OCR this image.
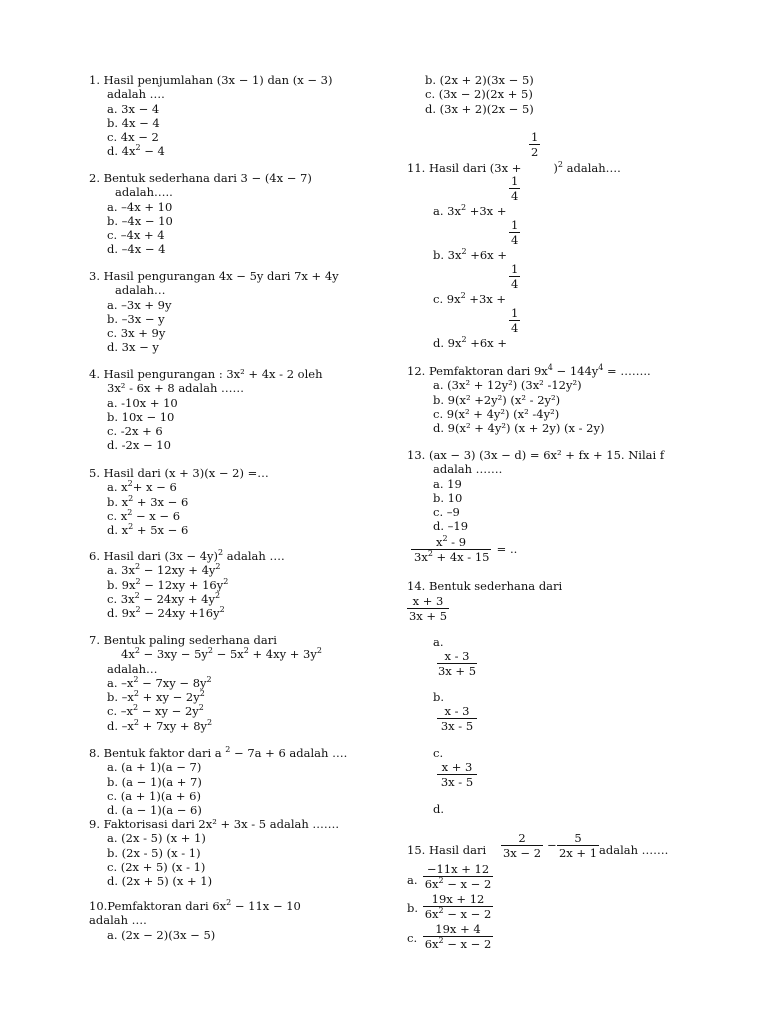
1. Hasil penjumlahan (3x − 1) dan (x − 3)
adalah ….
a. 3x − 4
b. 4x − 4
c. 4x − 2
d. $4x^2 - 4$
2. Bentuk sederhana dari 3 − (4x − 7)
adalah…..
a. –4x + 10
b. –4x − 10
c. –4x + 4
d. –4x − 4
3. Hasil pengurangan 4x − 5y dari 7x + 4y
adalah…
a. –3x + 9y
b. –3x − y
c. 3x + 9y
d. 3x − y
4. Hasil pengurangan : 3x² + 4x - 2 oleh
3x² - 6x + 8 adalah ……
a. -10x + 10
b. 10x − 10
c. -2x + 6
d. -2x − 10
5. Hasil dari (x + 3)(x − 2) =…
a. $x^2+ x - 6$
b. $x^2 + 3x - 6$
c. $x^2 - x - 6$
d. $x^2 + 5x - 6$
6. Hasil dari $(3x - 4y)^2$ adalah ….
a. $3x^2 - 12xy + 4y^2$
b. $9x^2 - 12xy + 16y^2$
c. $3x^2 - 24xy + 4y^2$
d. $9x^2 - 24xy +16y^2$
7. Bentuk paling sederhana dari
$4x^2 - 3xy - 5y^2 - 5x^2 + 4xy + 3y^2$
adalah…
a. $-x^2 - 7xy - 8y^2$
b. $-x^2$ + xy − $2y^2$
c. $-x^2$ − xy − $2y^2$
d. $-x^2 + 7xy + 8y^2$
8. Bentuk faktor dari a $^2$ − 7a + 6 adalah ….
a. (a + 1)(a − 7)
b. (a − 1)(a + 7)
c. (a + 1)(a + 6)
d. (a − 1)(a − 6)
9. Faktorisasi dari 2x² + 3x - 5 adalah …….
a. (2x - 5) (x + 1)
b. (2x - 5) (x - 1)
c. (2x + 5) (x - 1)
d. (2x + 5) (x + 1)
10.Pemfaktoran dari $6x^2 - 11x - 10$
adalah ….
a. (2x − 2)(3x − 5)
b. (2x + 2)(3x − 5)
c. (3x − 2)(2x + 5)
d. (3x + 2)(2x − 5)
1
2
11. Hasil dari (3x +	)$^2$ adalah….
1
4
a. $3x^2 +3x$ +
1
4
b. $3x^2 +6x$ +
1
4
c. $9x^2 +3x$ +
1
4
d. $9x^2 +6x$ +
12. Pemfaktoran dari $9x^4 - 144y^4$ = ……..
a. (3x² + 12y²) (3x² -12y²)
b. 9(x² +2y²) (x² - 2y²)
c. 9(x² + 4y²) (x² -4y²)
d. 9(x² + 4y²) (x + 2y) (x - 2y)
13. (ax − 3) (3x − d) = 6x² + fx + 15. Nilai f
adalah …….
a. 19
b. 10
c. –9
d. –19
$\frac{x^2 - 9}{3x^2 + 4x - 15}$ = ..
14. Bentuk sederhana dari
x + 3
3x + 5
a.
x - 3
3x + 5
b.
x - 3
3x - 5
c.
x + 3
3x - 5
d.
15. Hasil dari
2
3x − 2
−	5
2x + 1 adalah …….
a.
−11x + 12
$6x^2 - x - 2$
b.
19x + 12
$6x^2 - x - 2$
c.
19x + 4
$6x^2 - x - 2$
